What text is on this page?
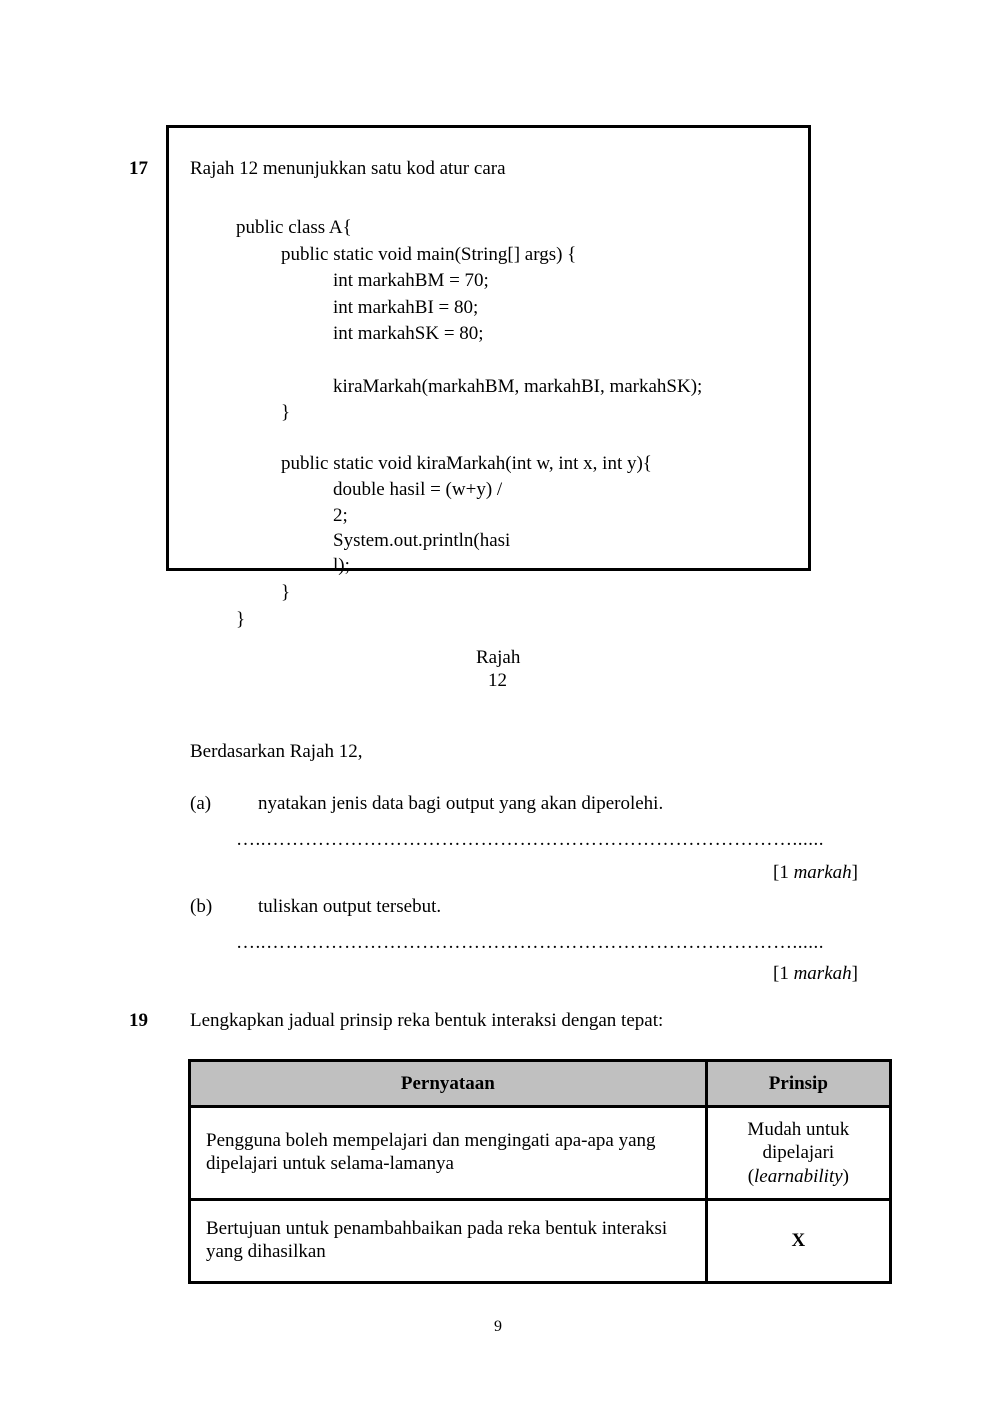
17 Rajah 12 menunjukkan satu kod atur cara
public class A{
public static void main(String[] args) {
int markahBM = 70;
int markahBI = 80;
int markahSK = 80;
kiraMarkah(markahBM, markahBI, markahSK);
}
public static void kiraMarkah(int w, int x, int y){
double hasil = (w+y) /
2;
System.out.println(hasi
l);
}
}
Rajah
12
Berdasarkan Rajah 12,
(a) nyatakan jenis data bagi output yang akan diperolehi.
…..………………………………………………………………………......
[1 markah]
(b) tuliskan output tersebut.
…..………………………………………………………………………......
[1 markah]
19 Lengkapkan jadual prinsip reka bentuk interaksi dengan tepat:
Pernyataan	Prinsip
Pengguna boleh mempelajari dan mengingati apa-apa yang dipelajari untuk selama-lamanya	Mudah untuk
dipelajari
(learnability)

Bertujuan untuk penambahbaikan pada reka bentuk interaksi yang dihasilkan	X
9
